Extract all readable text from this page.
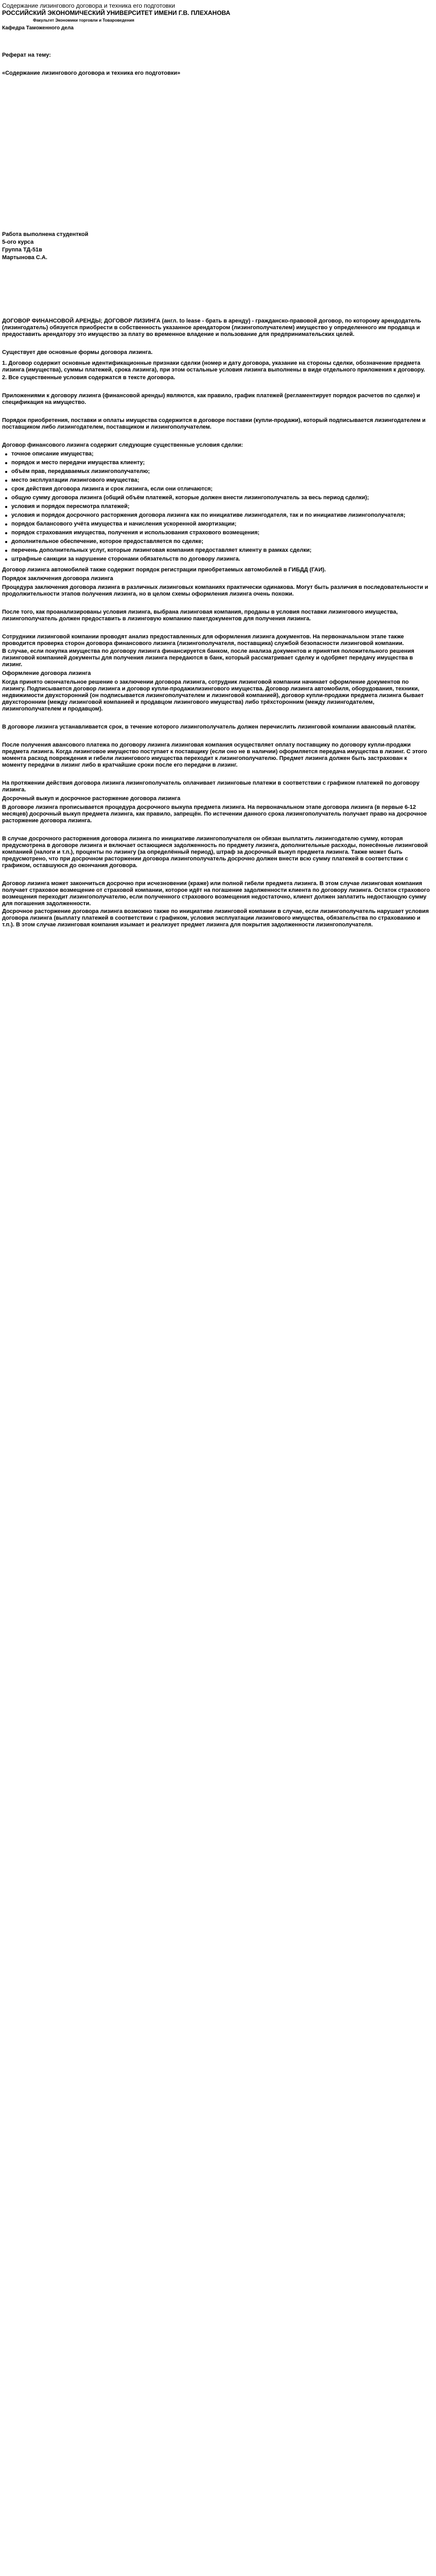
Содержание лизингового договора и техника его подготовки

РОССИЙСКИЙ ЭКОНОМИЧЕСКИЙ УНИВЕРСИТЕТ ИМЕНИ Г.В. ПЛЕХАНОВА

Факультет Экономики торговли и Товароведения

Кафедра Таможенного дела

Реферат на тему:

«Содержание лизингового договора и техника его подготовки»

Работа выполнена студенткой

5-ого курса

Группа ТД-51в

Мартынова С.А.

ДОГОВОР ФИНАНСОВОЙ АРЕНДЫ; ДОГОВОР ЛИЗИНГА (англ. to lease - брать в аренду) - гражданско-правовой договор, по которому арендодатель (лизингодатель) обязуется приобрести в собственность указанное арендатором (лизингополучателем) имущество у определенного им продавца и предоставить арендатору это имущество за плату во временное владение и пользование для предпринимательских целей.

Существует две основные формы договора лизинга.

1. Договор содержит основные идентификационные признаки сделки (номер и дату договора, указание на стороны сделки, обозначение предмета лизинга (имущества), суммы платежей, срока лизинга), при этом остальные условия лизинга выполнены в виде отдельного приложения к договору.

2. Все существенные условия содержатся в тексте договора.

Приложениями к договору лизинга (финансовой аренды) являются, как правило, график платежей (регламентирует порядок расчетов по сделке) и спецификация на имущество.

Порядок приобретения, поставки и оплаты имущества содержится в договоре поставки (купли-продажи), который подписывается лизингодателем и поставщиком либо лизингодателем, поставщиком и лизингополучателем.

Договор финансового лизинга содержит следующие существенные условия сделки:

точное описание имущества;
порядок и место передачи имущества клиенту;
объём прав, передаваемых лизингополучателю;
место эксплуатации лизингового имущества;
срок действия договора лизинга и срок лизинга, если они отличаются;
общую сумму договора лизинга (общий объём платежей, которые должен внести лизингополучатель за весь период сделки);
условия и порядок пересмотра платежей;
условия и порядок досрочного расторжения договора лизинга как по инициативе лизингодателя, так и по инициативе лизингополучателя;
порядок балансового учёта имущества и начисления ускоренной амортизации;
порядок страхования имущества, получения и использования страхового возмещения;
дополнительное обеспечение, которое предоставляется по сделке;
перечень дополнительных услуг, которые лизинговая компания предоставляет клиенту в рамках сделки;
штрафные санкции за нарушение сторонами обязательств по договору лизинга.

Договор лизинга автомобилей также содержит порядок регистрации приобретаемых автомобилей в ГИБДД (ГАИ).

Порядок заключения договора лизинга

Процедура заключения договора лизинга в различных лизинговых компаниях практически одинакова. Могут быть различия в последовательности и продолжительности этапов получения лизинга, но в целом схемы оформления лизинга очень похожи.

После того, как проанализированы условия лизинга, выбрана лизинговая компания, проданы в условия поставки лизингового имущества, лизингополучатель должен предоставить в лизинговую компанию пакетдокументов для получения лизинга.

Сотрудники лизинговой компании проводят анализ предоставленных для оформления лизинга документов. На первоначальном этапе также проводится проверка сторон договора финансового лизинга (лизингополучателя, поставщика) службой безопасности лизинговой компании.

В случае, если покупка имущества по договору лизинга финансируется банком, после анализа документов и принятия положительного решения лизинговой компанией документы для получения лизинга передаются в банк, который рассматривает сделку и одобряет передачу имущества в лизинг.

Оформление договора лизинга

Когда принято окончательное решение о заключении договора лизинга, сотрудник лизинговой компании начинает оформление документов по лизингу. Подписывается договор лизинга и договор купли-продажилизингового имущества. Договор лизинга автомобиля, оборудования, техники, недвижимости двухсторонний (он подписывается лизингополучателем и лизинговой компанией), договор купли-продажи предмета лизинга бывает двухсторонним (между лизинговой компанией и продавцом лизингового имущества) либо трёхсторонним (между лизингодателем, лизингополучателем и продавцом).

В договоре лизинга устанавливается срок, в течение которого лизингополучатель должен перечислить лизинговой компании авансовый платёж.

После получения авансового платежа по договору лизинга лизинговая компания осуществляет оплату поставщику по договору купли-продажи предмета лизинга. Когда лизинговое имущество поступает к поставщику (если оно не в наличии) оформляется передача имущества в лизинг. С этого момента расход повреждения и гибели лизингового имущества переходит к лизингополучателю. Предмет лизинга должен быть застрахован к моменту передачи в лизинг либо в кратчайшие сроки после его передачи в лизинг.

На протяжении действия договора лизинга лизингополучатель оплачивает лизинговые платежи в соответствии с графиком платежей по договору лизинга.

Досрочный выкуп и досрочное расторжение договора лизинга

В договоре лизинга прописывается процедура досрочного выкупа предмета лизинга. На первоначальном этапе договора лизинга (в первые 6-12 месяцев) досрочный выкуп предмета лизинга, как правило, запрещён. По истечении данного срока лизингополучатель получает право на досрочное расторжение договора лизинга.

В случае досрочного расторжения договора лизинга по инициативе лизингополучателя он обязан выплатить лизингодателю сумму, которая предусмотрена в договоре лизинга и включает остающиеся задолженность по предмету лизинга, дополнительные расходы, понесённые лизинговой компанией (налоги и т.п.), проценты по лизингу (за определённый период), штраф за досрочный выкуп предмета лизинга. Также может быть предусмотрено, что при досрочном расторжении договора лизингополучатель досрочно должен внести всю сумму платежей в соответствии с графиком, оставшуюся до окончания договора.

Договор лизинга может закончиться досрочно при исчезновении (краже) или полной гибели предмета лизинга. В этом случае лизинговая компания получает страховое возмещение от страховой компании, которое идёт на погашение задолженности клиента по договору лизинга. Остаток страхового возмещения переходит лизингополучателю, если полученного страхового возмещения недостаточно, клиент должен заплатить недостающую сумму для погашения задолженности.

Досрочное расторжение договора лизинга возможно также по инициативе лизинговой компании в случае, если лизингополучатель нарушает условия договора лизинга (выплату платежей в соответствии с графиком, условия эксплуатации лизингового имущества, обязательства по страхованию и т.п.). В этом случае лизинговая компания изымает и реализует предмет лизинга для покрытия задолженности лизингополучателя.
